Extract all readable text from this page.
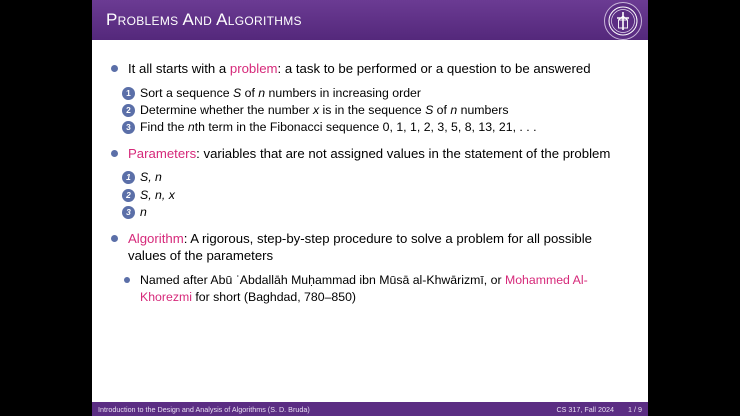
Problems And Algorithms
It all starts with a problem: a task to be performed or a question to be answered
1 Sort a sequence S of n numbers in increasing order
2 Determine whether the number x is in the sequence S of n numbers
3 Find the nth term in the Fibonacci sequence 0, 1, 1, 2, 3, 5, 8, 13, 21, . . .
Parameters: variables that are not assigned values in the statement of the problem
1 S, n
2 S, n, x
3 n
Algorithm: A rigorous, step-by-step procedure to solve a problem for all possible values of the parameters
Named after Abū ʿAbdallāh Muḥammad ibn Mūsā al-Khwārizmī, or Mohammed Al-Khorezmi for short (Baghdad, 780–850)
Introduction to the Design and Analysis of Algorithms (S. D. Bruda)	CS 317, Fall 2024 1 / 9
